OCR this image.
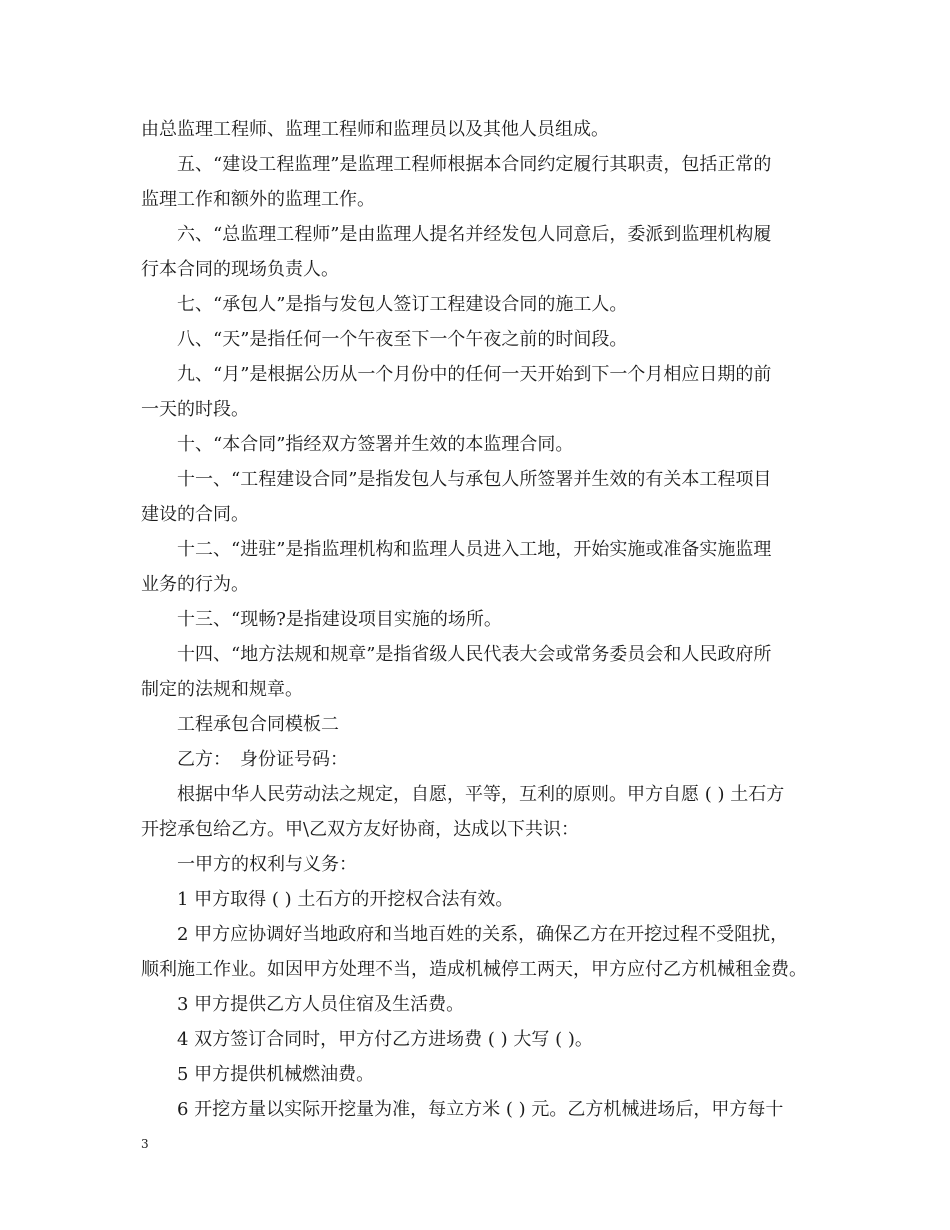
由总监理工程师、监理工程师和监理员以及其他人员组成。
五、“建设工程监理”是监理工程师根据本合同约定履行其职责，包括正常的
监理工作和额外的监理工作。
六、“总监理工程师”是由监理人提名并经发包人同意后，委派到监理机构履
行本合同的现场负责人。
七、“承包人”是指与发包人签订工程建设合同的施工人。
八、“天”是指任何一个午夜至下一个午夜之前的时间段。
九、“月”是根据公历从一个月份中的任何一天开始到下一个月相应日期的前
一天的时段。
十、“本合同”指经双方签署并生效的本监理合同。
十一、“工程建设合同”是指发包人与承包人所签署并生效的有关本工程项目
建设的合同。
十二、“进驻”是指监理机构和监理人员进入工地，开始实施或准备实施监理
业务的行为。
十三、“现畅?是指建设项目实施的场所。
十四、“地方法规和规章”是指省级人民代表大会或常务委员会和人民政府所
制定的法规和规章。
工程承包合同模板二
乙方：　身份证号码：
根据中华人民劳动法之规定，自愿，平等，互利的原则。甲方自愿 ( ) 土石方
开挖承包给乙方。甲\乙双方友好协商，达成以下共识：
一甲方的权利与义务：
1 甲方取得 ( ) 土石方的开挖权合法有效。
2 甲方应协调好当地政府和当地百姓的关系，确保乙方在开挖过程不受阻扰，
顺利施工作业。如因甲方处理不当，造成机械停工两天，甲方应付乙方机械租金费。
3 甲方提供乙方人员住宿及生活费。
4 双方签订合同时，甲方付乙方进场费 ( ) 大写 ( )。
5 甲方提供机械燃油费。
6 开挖方量以实际开挖量为准，每立方米 ( ) 元。乙方机械进场后，甲方每十
3
